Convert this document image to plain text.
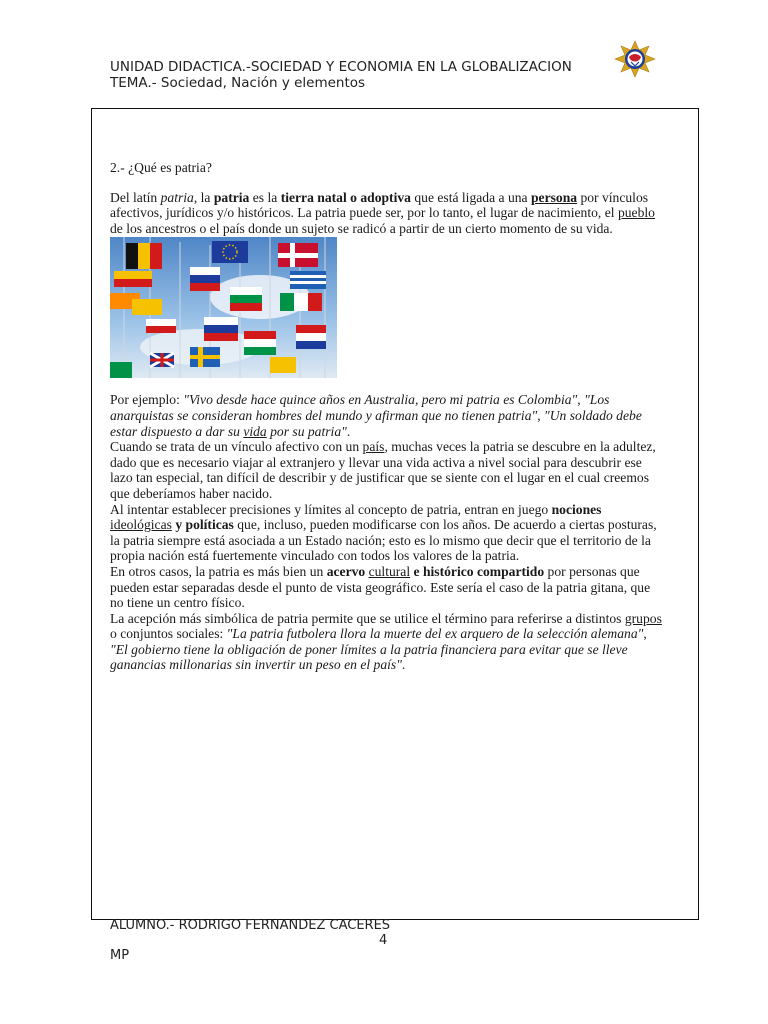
UNIDAD DIDACTICA.-SOCIEDAD Y ECONOMIA EN LA GLOBALIZACION
TEMA.- Sociedad, Nación y elementos

2.- ¿Qué es patria?

Del latín patria, la patria es la tierra natal o adoptiva que está ligada a una persona por vínculos afectivos, jurídicos y/o históricos. La patria puede ser, por lo tanto, el lugar de nacimiento, el pueblo de los ancestros o el país donde un sujeto se radicó a partir de un cierto momento de su vida.

Por ejemplo: "Vivo desde hace quince años en Australia, pero mi patria es Colombia", "Los anarquistas se consideran hombres del mundo y afirman que no tienen patria", "Un soldado debe estar dispuesto a dar su vida por su patria".

Cuando se trata de un vínculo afectivo con un país, muchas veces la patria se descubre en la adultez, dado que es necesario viajar al extranjero y llevar una vida activa a nivel social para descubrir ese lazo tan especial, tan difícil de describir y de justificar que se siente con el lugar en el cual creemos que deberíamos haber nacido.

Al intentar establecer precisiones y límites al concepto de patria, entran en juego nociones ideológicas y políticas que, incluso, pueden modificarse con los años. De acuerdo a ciertas posturas, la patria siempre está asociada a un Estado nación; esto es lo mismo que decir que el territorio de la propia nación está fuertemente vinculado con todos los valores de la patria.

En otros casos, la patria es más bien un acervo cultural e histórico compartido por personas que pueden estar separadas desde el punto de vista geográfico. Este sería el caso de la patria gitana, que no tiene un centro físico.

La acepción más simbólica de patria permite que se utilice el término para referirse a distintos grupos o conjuntos sociales: "La patria futbolera llora la muerte del ex arquero de la selección alemana", "El gobierno tiene la obligación de poner límites a la patria financiera para evitar que se lleve ganancias millonarias sin invertir un peso en el país".

ALUMNO.- RODRIGO FERNANDEZ CACERES
4
MP
